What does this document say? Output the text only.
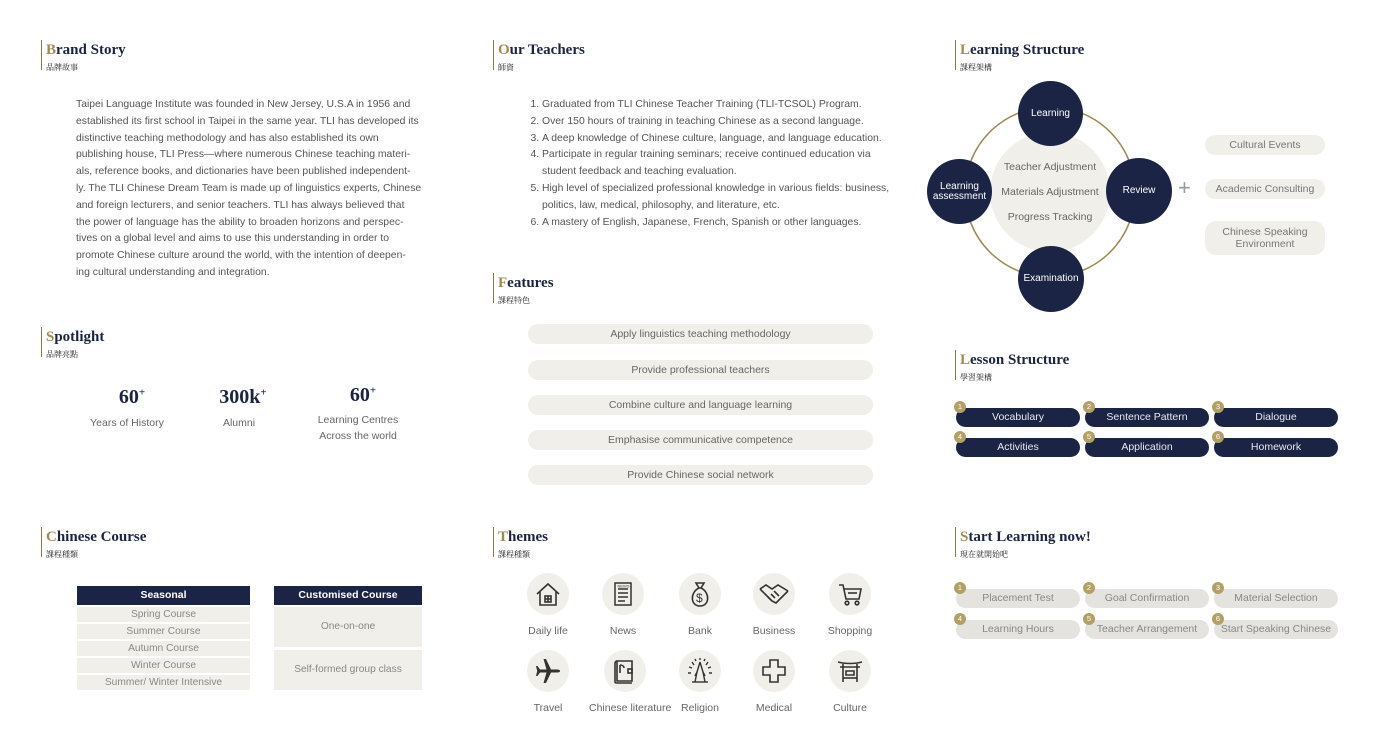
Brand Story
品牌故事
Taipei Language Institute was founded in New Jersey, U.S.A in 1956 and
established its first school in Taipei in the same year. TLI has developed its
distinctive teaching methodology and has also established its own
publishing house, TLI Press—where numerous Chinese teaching materi-
als, reference books, and dictionaries have been published independent-
ly. The TLI Chinese Dream Team is made up of linguistics experts, Chinese
and foreign lecturers, and senior teachers. TLI has always believed that
the power of language has the ability to broaden horizons and perspec-
tives on a global level and aims to use this understanding in order to
promote Chinese culture around the world, with the intention of deepen-
ing cultural understanding and integration.
Spotlight
品牌亮點
60+
Years of History
300k+
Alumni
60+
Learning Centres
Across the world
Chinese Course
課程種類
Seasonal
Spring Course
Summer Course
Autumn Course
Winter Course
Summer/ Winter Intensive
Customised Course
One-on-one
Self-formed group class
Our Teachers
師資
1. Graduated from TLI Chinese Teacher Training (TLI-TCSOL) Program.
2. Over 150 hours of training in teaching Chinese as a second language.
3. A deep knowledge of Chinese culture, language, and language education.
4. Participate in regular training seminars; receive continued education via student feedback and teaching evaluation.
5. High level of specialized professional knowledge in various fields: business, politics, law, medical, philosophy, and literature, etc.
6. A mastery of English, Japanese, French, Spanish or other languages.
Features
課程特色
Apply linguistics teaching methodology
Provide professional teachers
Combine culture and language learning
Emphasise communicative competence
Provide Chinese social network
Themes
課程種類
Daily life
NEWS
News
$
Bank	Business	Shopping
Travel	Chinese literature Religion	Medical	Culture
Learning Structure
課程架構
Teacher Adjustment
Materials Adjustment
Progress Tracking
Learning
Learning assessment	Review
Examination
+
Cultural Events
Academic Consulting
Chinese Speaking Environment
Lesson Structure
學習架構
1
Vocabulary
2
Sentence Pattern
3
Dialogue
4
Activities
5
Application
6
Homework
Start Learning now!
現在就開始吧
1
Placement Test
2
Goal Confirmation
3
Material Selection
4
Learning Hours
5
Teacher Arrangement
6
Start Speaking Chinese
